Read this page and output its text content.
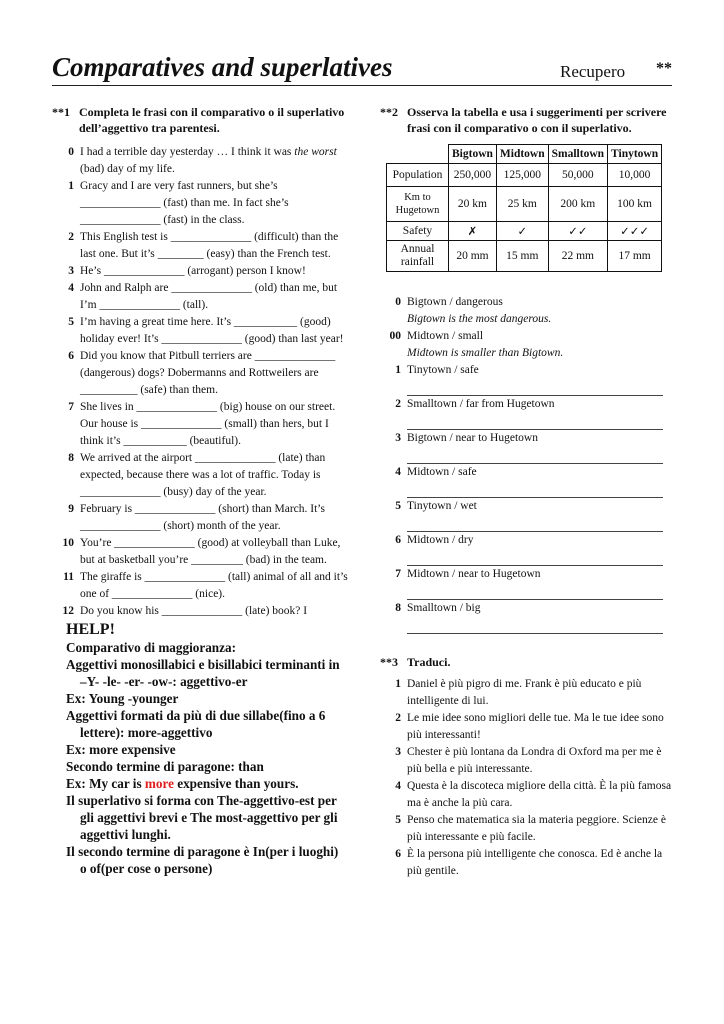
Comparatives and superlatives	Recupero **
**1 Completa le frasi con il comparativo o il superlativo dell’aggettivo tra parentesi.
0 I had a terrible day yesterday … I think it was the worst (bad) day of my life.
1 Gracy and I are very fast runners, but she’s ______________ (fast) than me. In fact she’s ______________ (fast) in the class.
2 This English test is ______________ (difficult) than the last one. But it’s ________ (easy) than the French test.
3 He’s ______________ (arrogant) person I know!
4 John and Ralph are ______________ (old) than me, but I’m ______________ (tall).
5 I’m having a great time here. It’s ___________ (good) holiday ever! It’s ______________ (good) than last year!
6 Did you know that Pitbull terriers are ______________ (dangerous) dogs? Dobermanns and Rottweilers are __________ (safe) than them.
7 She lives in ______________ (big) house on our street. Our house is ______________ (small) than hers, but I think it’s ___________ (beautiful).
8 We arrived at the airport ______________ (late) than expected, because there was a lot of traffic. Today is ______________ (busy) day of the year.
9 February is ______________ (short) than March. It’s ______________ (short) month of the year.
10 You’re ______________ (good) at volleyball than Luke, but at basketball you’re _________ (bad) in the team.
11 The giraffe is ______________ (tall) animal of all and it’s one of ______________ (nice).
12 Do you know his ______________ (late) book? I
HELP!
Comparativo di maggioranza:
Aggettivi monosillabici e bisillabici terminanti in –Y- -le- -er- -ow-: aggettivo-er
Ex: Young -younger
Aggettivi formati da più di due sillabe(fino a 6 lettere): more-aggettivo
Ex: more expensive
Secondo termine di paragone: than
Ex: My car is more expensive than yours.
Il superlativo si forma con The-aggettivo-est per gli aggettivi brevi e The most-aggettivo per gli aggettivi lunghi.
Il secondo termine di paragone è In(per i luoghi) o of(per cose o persone)
**2 Osserva la tabella e usa i suggerimenti per scrivere frasi con il comparativo o con il superlativo.
	Bigtown	Midtown	Smalltown	Tinytown
Population	250,000	125,000	50,000	10,000
Km to Hugetown	20 km	25 km	200 km	100 km
Safety	✗	✓	✓✓	✓✓✓
Annual rainfall	20 mm	15 mm	22 mm	17 mm
0 Bigtown / dangerous
Bigtown is the most dangerous.
00 Midtown / small
Midtown is smaller than Bigtown.
1 Tinytown / safe
2 Smalltown / far from Hugetown
3 Bigtown / near to Hugetown
4 Midtown / safe
5 Tinytown / wet
6 Midtown / dry
7 Midtown / near to Hugetown
8 Smalltown / big
**3 Traduci.
1 Daniel è più pigro di me. Frank è più educato e più intelligente di lui.
2 Le mie idee sono migliori delle tue. Ma le tue idee sono più interessanti!
3 Chester è più lontana da Londra di Oxford ma per me è più bella e più interessante.
4 Questa è la discoteca migliore della città. È la più famosa ma è anche la più cara.
5 Penso che matematica sia la materia peggiore. Scienze è più interessante e più facile.
6 È la persona più intelligente che conosca. Ed è anche la più gentile.
